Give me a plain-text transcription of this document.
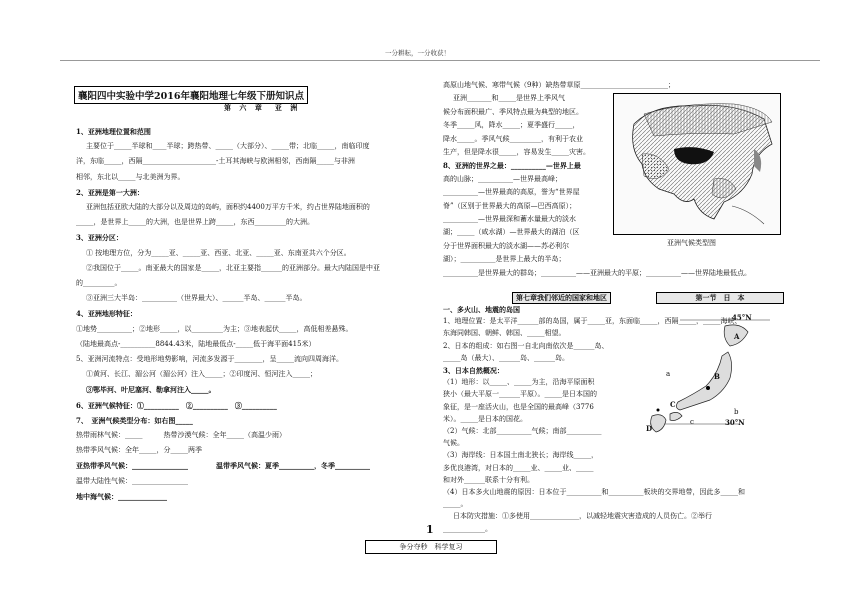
一分耕耘，一分收获！
襄阳四中实验中学2016年襄阳地理七年级下册知识点
第 六 章　亚 洲
1、亚洲地理位置和范围
主要位于_____半球和____半球；跨热带、_____（大部分）、_____带；北临_____，南临印度
洋，东临_____，西隔_____________________-土耳其海峡与欧洲相邻，西南隔_____与非洲
相邻，东北以_____与北美洲为界。
2、亚洲是第一大洲：
亚洲包括亚欧大陆的大部分以及周边的岛屿，面积约4400万平方千米，约占世界陆地面积的
_____，是世界上_____的大洲，也是世界上跨_____，东西_________的大洲。
3、亚洲分区：
① 按地理方位，分为_____亚、_____亚、西亚、北亚、_____亚、东南亚共六个分区。
②我国位于_____。南亚最大的国家是_____，北亚主要指______的亚洲部分。最大内陆国是中亚
的_________。
③亚洲三大半岛：__________（世界最大）、______半岛、______半岛。
4、亚洲地形特征：
①地势__________；②地形_____，以_________为主；③地表起伏_____，高低相差悬殊。
（陆地最高点-__________8844.43米，陆地最低点-_____低于海平面415米）
5、亚洲河流特点：受地形地势影响，河流多发源于________，呈_____流向四周海洋。
①黄河、长江、湄公河（湄公河）注入_____；②印度河、恒河注入_____；
③鄂毕河、叶尼塞河、勒拿河注入_____。
6、亚洲气候特征：①__________　②__________　③__________
7、　亚洲气候类型分布：如右图_____
热带雨林气候：_____　　　热带沙漠气候：全年_____（高温少雨）
热带季风气候：全年_____，分_____两季
亚热带季风气候：________________　　　　温带季风气候：夏季__________，冬季__________
温带大陆性气候：________________
地中海气候：______________
高原山地气候、寒带气候（9种）缺热带草原_________________________；
亚洲_______和_____是世界上季风气
候分布面积最广、季风特点最为典型的地区。
冬季_____风，降水_____；夏季盛行_____，
降水_____。季风气候_________，有利于农业
生产，但是降水很_____，容易发生_____灾害。
8、亚洲的世界之最：__________—世界上最
高的山脉；__________—世界最高峰；
__________—世界最高的高原，誉为“世界屋
脊”（区别于世界最大的高原—巴西高原）；
__________—世界最深和蓄水量最大的淡水
湖；_____（咸水湖）—世界最大的湖泊（区
分于世界面积最大的淡水湖——苏必利尔
湖）；__________是世界上最大的半岛；
__________是世界最大的群岛；__________——亚洲最大的平原；__________——世界陆地最低点。
亚洲气候类型图
第七章我们邻近的国家和地区	第一节　日　本
一、多火山、地震的岛国
1、地理位置：是太平洋______部的岛国，属于_____亚，东面临_____，西隔_____，_____海峡、
东海同韩国、朝鲜、韩国、_____相望。
2、日本的组成：如右图一自北向南依次是______岛、
_____岛（最大）、______岛、______岛。
3、日本自然概况：
（1）地形：以_____、_____为主，沿海平原面积
狭小（最大平原一______平原）。_____是日本国的
象征，是一座活火山，也是全国的最高峰（3776
米）。_____是日本的国花。
（2）气候：北部__________气候；南部__________
气候。
（3）海岸线：日本国土南北狭长；海岸线_____，
多优良港湾，对日本的_____业、_____业、_____
和对外______联系十分有利。
（4）日本多火山地震的原因：日本位于__________和__________板块的交界地带，因此多_____和
_____。
日本防灾措施：①多使用______________，以减轻地震灾害造成的人员伤亡。②举行
____________。
45°N
30°N
A
B
C
D
a
b
c
1
争分夺秒　科学复习
